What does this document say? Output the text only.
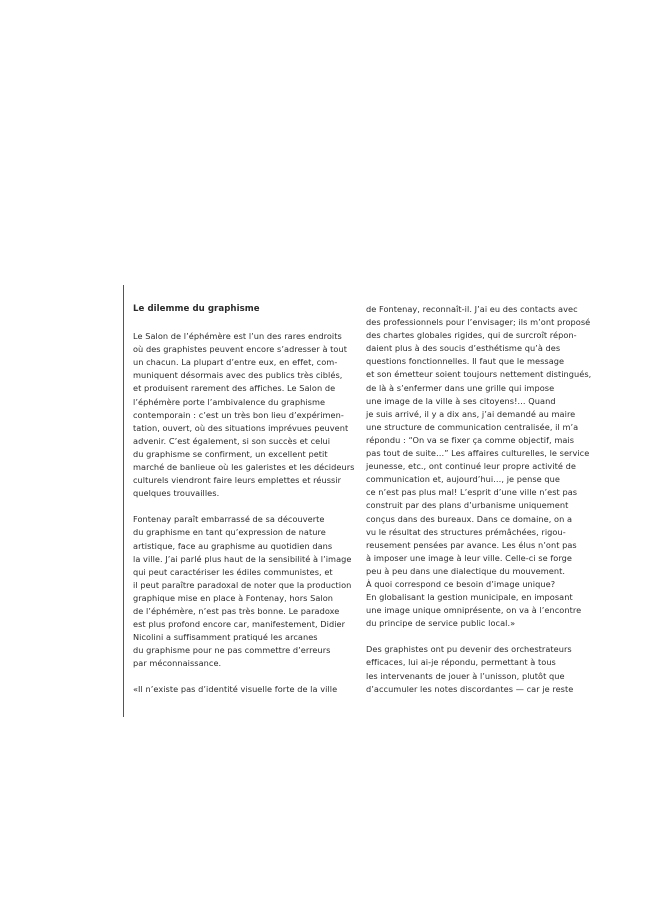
Le dilemme du graphisme
Le Salon de l’éphémère est l’un des rares endroits
où des graphistes peuvent encore s’adresser à tout
un chacun. La plupart d’entre eux, en effet, com-
muniquent désormais avec des publics très ciblés,
et produisent rarement des affiches. Le Salon de
l’éphémère porte l’ambivalence du graphisme
contemporain : c’est un très bon lieu d’expérimen-
tation, ouvert, où des situations imprévues peuvent
advenir. C’est également, si son succès et celui
du graphisme se confirment, un excellent petit
marché de banlieue où les galeristes et les décideurs
culturels viendront faire leurs emplettes et réussir
quelques trouvailles.
Fontenay paraît embarrassé de sa découverte
du graphisme en tant qu’expression de nature
artistique, face au graphisme au quotidien dans
la ville. J’ai parlé plus haut de la sensibilité à l’image
qui peut caractériser les édiles communistes, et
il peut paraître paradoxal de noter que la production
graphique mise en place à Fontenay, hors Salon
de l’éphémère, n’est pas très bonne. Le paradoxe
est plus profond encore car, manifestement, Didier
Nicolini a suffisamment pratiqué les arcanes
du graphisme pour ne pas commettre d’erreurs
par méconnaissance.
«Il n’existe pas d’identité visuelle forte de la ville
de Fontenay, reconnaît-il. J’ai eu des contacts avec
des professionnels pour l’envisager; ils m’ont proposé
des chartes globales rigides, qui de surcroît répon-
daient plus à des soucis d’esthétisme qu’à des
questions fonctionnelles. Il faut que le message
et son émetteur soient toujours nettement distingués,
de là à s’enfermer dans une grille qui impose
une image de la ville à ses citoyens!… Quand
je suis arrivé, il y a dix ans, j’ai demandé au maire
une structure de communication centralisée, il m’a
répondu : “On va se fixer ça comme objectif, mais
pas tout de suite…” Les affaires culturelles, le service
jeunesse, etc., ont continué leur propre activité de
communication et, aujourd’hui…, je pense que
ce n’est pas plus mal! L’esprit d’une ville n’est pas
construit par des plans d’urbanisme uniquement
conçus dans des bureaux. Dans ce domaine, on a
vu le résultat des structures prémâchées, rigou-
reusement pensées par avance. Les élus n’ont pas
à imposer une image à leur ville. Celle-ci se forge
peu à peu dans une dialectique du mouvement.
À quoi correspond ce besoin d’image unique?
En globalisant la gestion municipale, en imposant
une image unique omniprésente, on va à l’encontre
du principe de service public local.»
Des graphistes ont pu devenir des orchestrateurs
efficaces, lui ai-je répondu, permettant à tous
les intervenants de jouer à l’unisson, plutôt que
d’accumuler les notes discordantes — car je reste
